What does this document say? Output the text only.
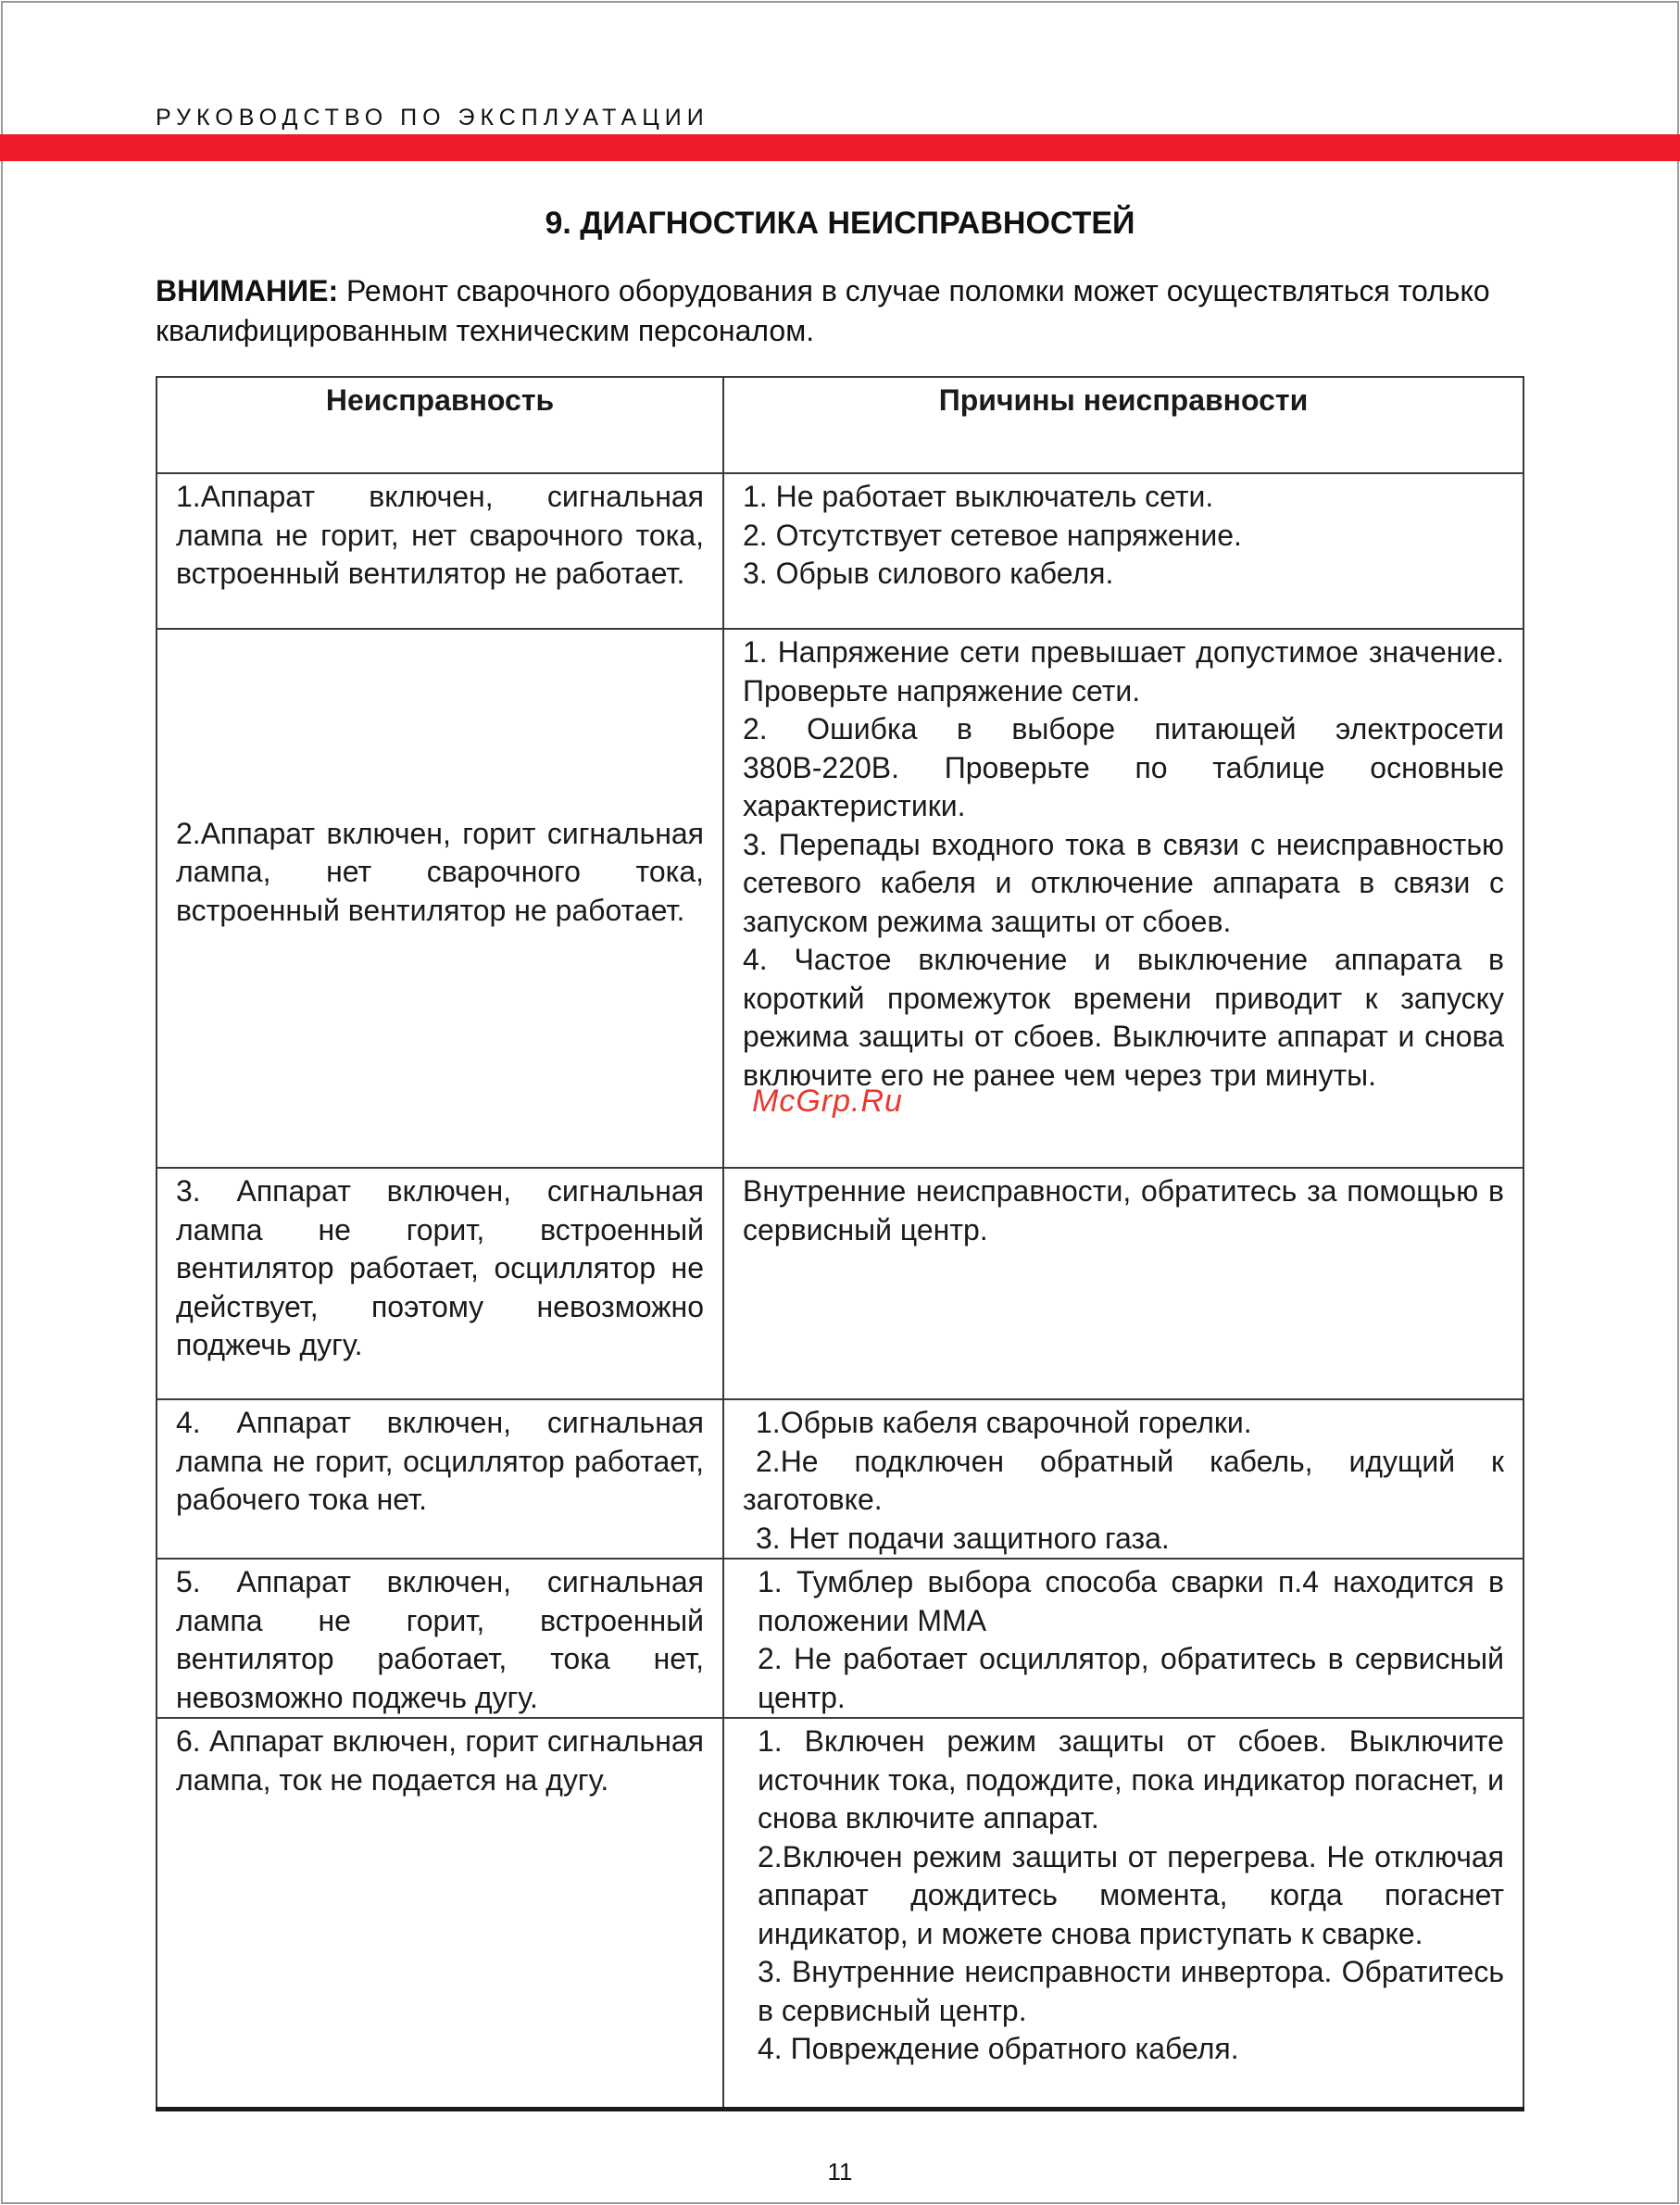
РУКОВОДСТВО ПО ЭКСПЛУАТАЦИИ
9. ДИАГНОСТИКА НЕИСПРАВНОСТЕЙ
ВНИМАНИЕ: Ремонт сварочного оборудования в случае поломки может осуществляться только квалифицированным техническим персоналом.
Неисправность	Причины неисправности
1.Аппарат включен, сигнальная лампа не горит, нет сварочного тока, встроенный вентилятор не работает.	1. Не работает выключатель сети.
2. Отсутствует сетевое напряжение.
3. Обрыв силового кабеля.

2.Аппарат включен, горит сигнальная лампа, нет сварочного тока, встроенный вентилятор не работает.	1. Напряжение сети превышает допустимое значение. Проверьте напряжение сети.
2. Ошибка в выборе питающей электросети 380В-220В. Проверьте по таблице основные характеристики.
3. Перепады входного тока в связи с неисправностью сетевого кабеля и отключение аппарата в связи с запуском режима защиты от сбоев.
4. Частое включение и выключение аппарата в короткий промежуток времени приводит к запуску режима защиты от сбоев. Выключите аппарат и снова включите его не ранее чем через три минуты.

3. Аппарат включен, сигнальная лампа не горит, встроенный вентилятор работает, осциллятор не действует, поэтому невозможно поджечь дугу.	Внутренние неисправности, обратитесь за помощью в сервисный центр.

4. Аппарат включен, сигнальная лампа не горит, осциллятор работает, рабочего тока нет.	1.Обрыв кабеля сварочной горелки.
2.Не подключен обратный кабель, идущий к заготовке.
3. Нет подачи защитного газа.

5. Аппарат включен, сигнальная лампа не горит, встроенный вентилятор работает, тока нет, невозможно поджечь дугу.	1. Тумблер выбора способа сварки п.4 находится в положении ММА
2. Не работает осциллятор, обратитесь в сервисный центр.

6. Аппарат включен, горит сигнальная лампа, ток не подается на дугу.	1. Включен режим защиты от сбоев. Выключите источник тока, подождите, пока индикатор погаснет, и снова включите аппарат.
2.Включен режим защиты от перегрева. Не отключая аппарат дождитесь момента, когда погаснет индикатор, и можете снова приступать к сварке.
3. Внутренние неисправности инвертора. Обратитесь в сервисный центр.
4. Повреждение обратного кабеля.
McGrp.Ru
11
